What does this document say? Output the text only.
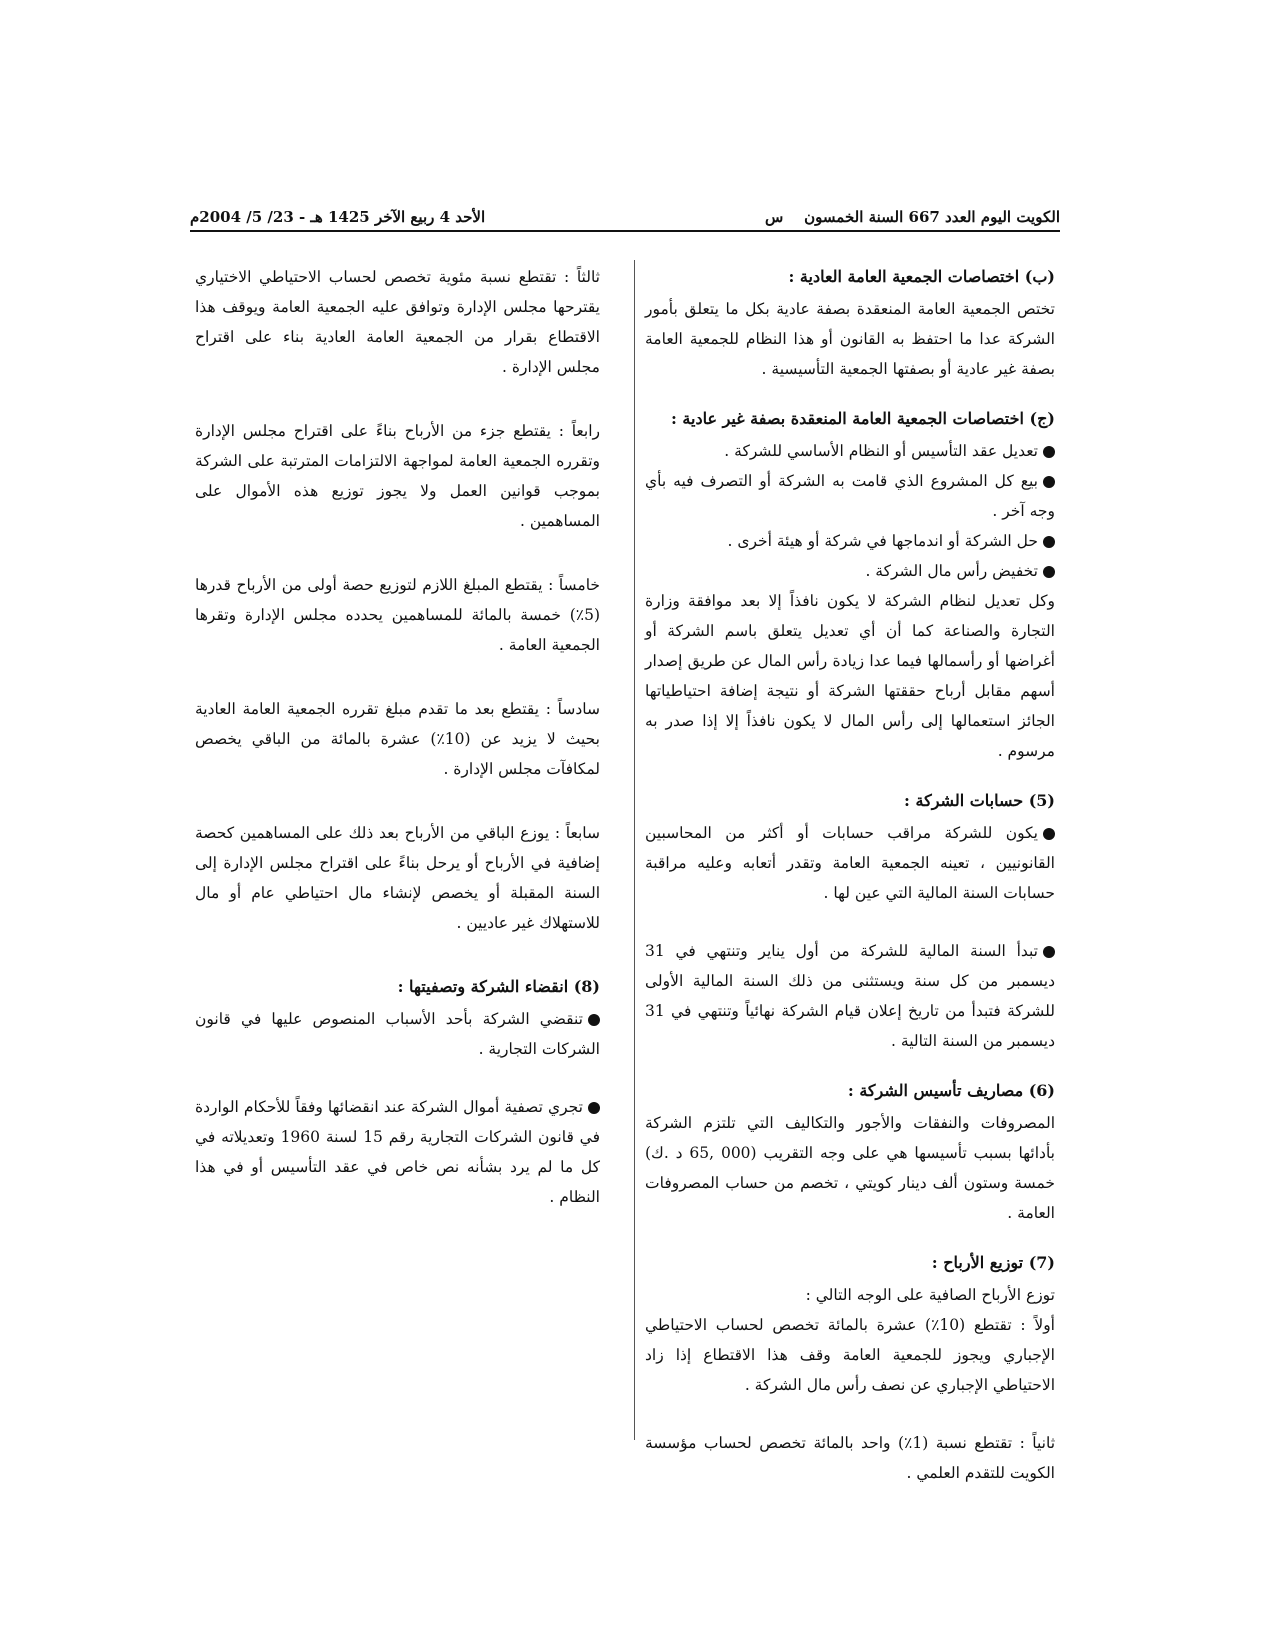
الكويت اليوم العدد 667 السنة الخمسون    س
الأحد 4 ربيع الآخر 1425 هـ - 23/ 5/ 2004م
(ب) اختصاصات الجمعية العامة العادية :

تختص الجمعية العامة المنعقدة بصفة عادية بكل ما يتعلق بأمور الشركة عدا ما احتفظ به القانون أو هذا النظام للجمعية العامة بصفة غير عادية أو بصفتها الجمعية التأسيسية .

(ج) اختصاصات الجمعية العامة المنعقدة بصفة غير عادية :

تعديل عقد التأسيس أو النظام الأساسي للشركة .

بيع كل المشروع الذي قامت به الشركة أو التصرف فيه بأي وجه آخر .

حل الشركة أو اندماجها في شركة أو هيئة أخرى .

تخفيض رأس مال الشركة .

وكل تعديل لنظام الشركة لا يكون نافذاً إلا بعد موافقة وزارة التجارة والصناعة كما أن أي تعديل يتعلق باسم الشركة أو أغراضها أو رأسمالها فيما عدا زيادة رأس المال عن طريق إصدار أسهم مقابل أرباح حققتها الشركة أو نتيجة إضافة احتياطياتها الجائز استعمالها إلى رأس المال لا يكون نافذاً إلا إذا صدر به مرسوم .

(5) حسابات الشركة :

يكون للشركة مراقب حسابات أو أكثر من المحاسبين القانونيين ، تعينه الجمعية العامة وتقدر أتعابه وعليه مراقبة حسابات السنة المالية التي عين لها .

تبدأ السنة المالية للشركة من أول يناير وتنتهي في 31 ديسمبر من كل سنة ويستثنى من ذلك السنة المالية الأولى للشركة فتبدأ من تاريخ إعلان قيام الشركة نهائياً وتنتهي في 31 ديسمبر من السنة التالية .

(6) مصاريف تأسيس الشركة :

المصروفات والنفقات والأجور والتكاليف التي تلتزم الشركة بأدائها بسبب تأسيسها هي على وجه التقريب (000 ,65 د .ك) خمسة وستون ألف دينار كويتي ، تخصم من حساب المصروفات العامة .

(7) توزيع الأرباح :

توزع الأرباح الصافية على الوجه التالي :

أولاً : تقتطع (10٪) عشرة بالمائة تخصص لحساب الاحتياطي الإجباري ويجوز للجمعية العامة وقف هذا الاقتطاع إذا زاد الاحتياطي الإجباري عن نصف رأس مال الشركة .

ثانياً : تقتطع نسبة (1٪) واحد بالمائة تخصص لحساب مؤسسة الكويت للتقدم العلمي .

ثالثاً : تقتطع نسبة مئوية تخصص لحساب الاحتياطي الاختياري يقترحها مجلس الإدارة وتوافق عليه الجمعية العامة ويوقف هذا الاقتطاع بقرار من الجمعية العامة العادية بناء على اقتراح مجلس الإدارة .

رابعاً : يقتطع جزء من الأرباح بناءً على اقتراح مجلس الإدارة وتقرره الجمعية العامة لمواجهة الالتزامات المترتبة على الشركة بموجب قوانين العمل ولا يجوز توزيع هذه الأموال على المساهمين .

خامساً : يقتطع المبلغ اللازم لتوزيع حصة أولى من الأرباح قدرها (5٪) خمسة بالمائة للمساهمين يحدده مجلس الإدارة وتقرها الجمعية العامة .

سادساً : يقتطع بعد ما تقدم مبلغ تقرره الجمعية العامة العادية بحيث لا يزيد عن (10٪) عشرة بالمائة من الباقي يخصص لمكافآت مجلس الإدارة .

سابعاً : يوزع الباقي من الأرباح بعد ذلك على المساهمين كحصة إضافية في الأرباح أو يرحل بناءً على اقتراح مجلس الإدارة إلى السنة المقبلة أو يخصص لإنشاء مال احتياطي عام أو مال للاستهلاك غير عاديين .

(8) انقضاء الشركة وتصفيتها :

تنقضي الشركة بأحد الأسباب المنصوص عليها في قانون الشركات التجارية .

تجري تصفية أموال الشركة عند انقضائها وفقاً للأحكام الواردة في قانون الشركات التجارية رقم 15 لسنة 1960 وتعديلاته في كل ما لم يرد بشأنه نص خاص في عقد التأسيس أو في هذا النظام .
